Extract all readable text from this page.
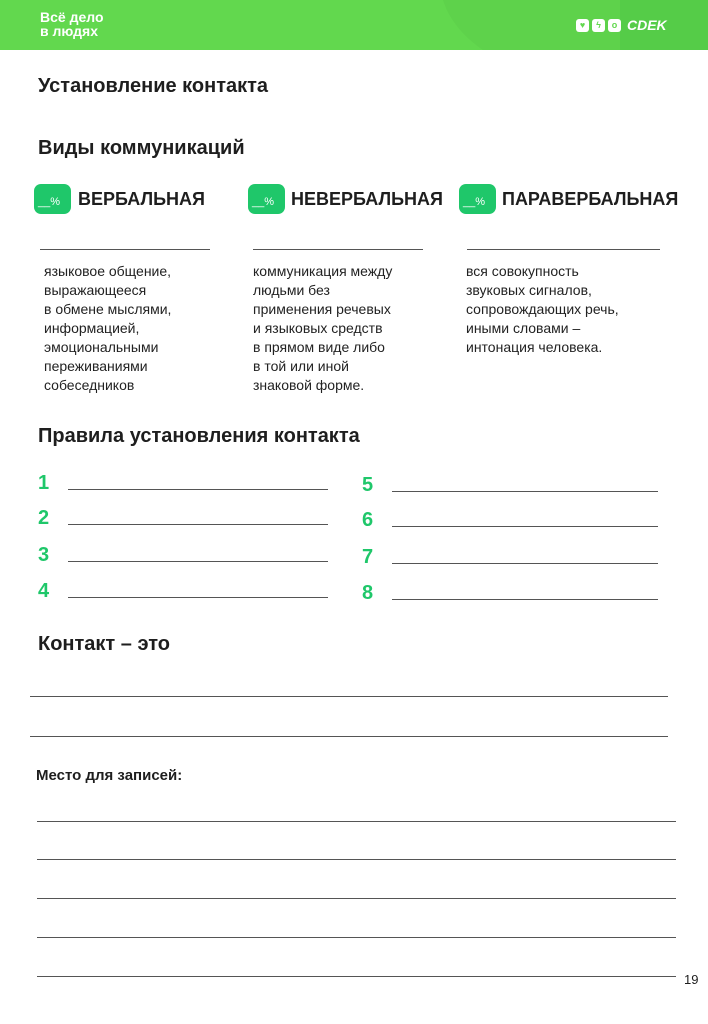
Всё дело
в людях	♥	ϟ	o CDEK
Установление контакта
Виды коммуникаций
__% ВЕРБАЛЬНАЯ
языковое общение,
выражающееся
в обмене мыслями,
информацией,
эмоциональными
переживаниями
собеседников
__% НЕВЕРБАЛЬНАЯ
коммуникация между
людьми без
применения речевых
и языковых средств
в прямом виде либо
в той или иной
знаковой форме.
__% ПАРАВЕРБАЛЬНАЯ
вся совокупность
звуковых сигналов,
сопровождающих речь,
иными словами –
интонация человека.
Правила установления контакта
1
2
3
4
5
6
7
8
Контакт – это
Место для записей:
19
